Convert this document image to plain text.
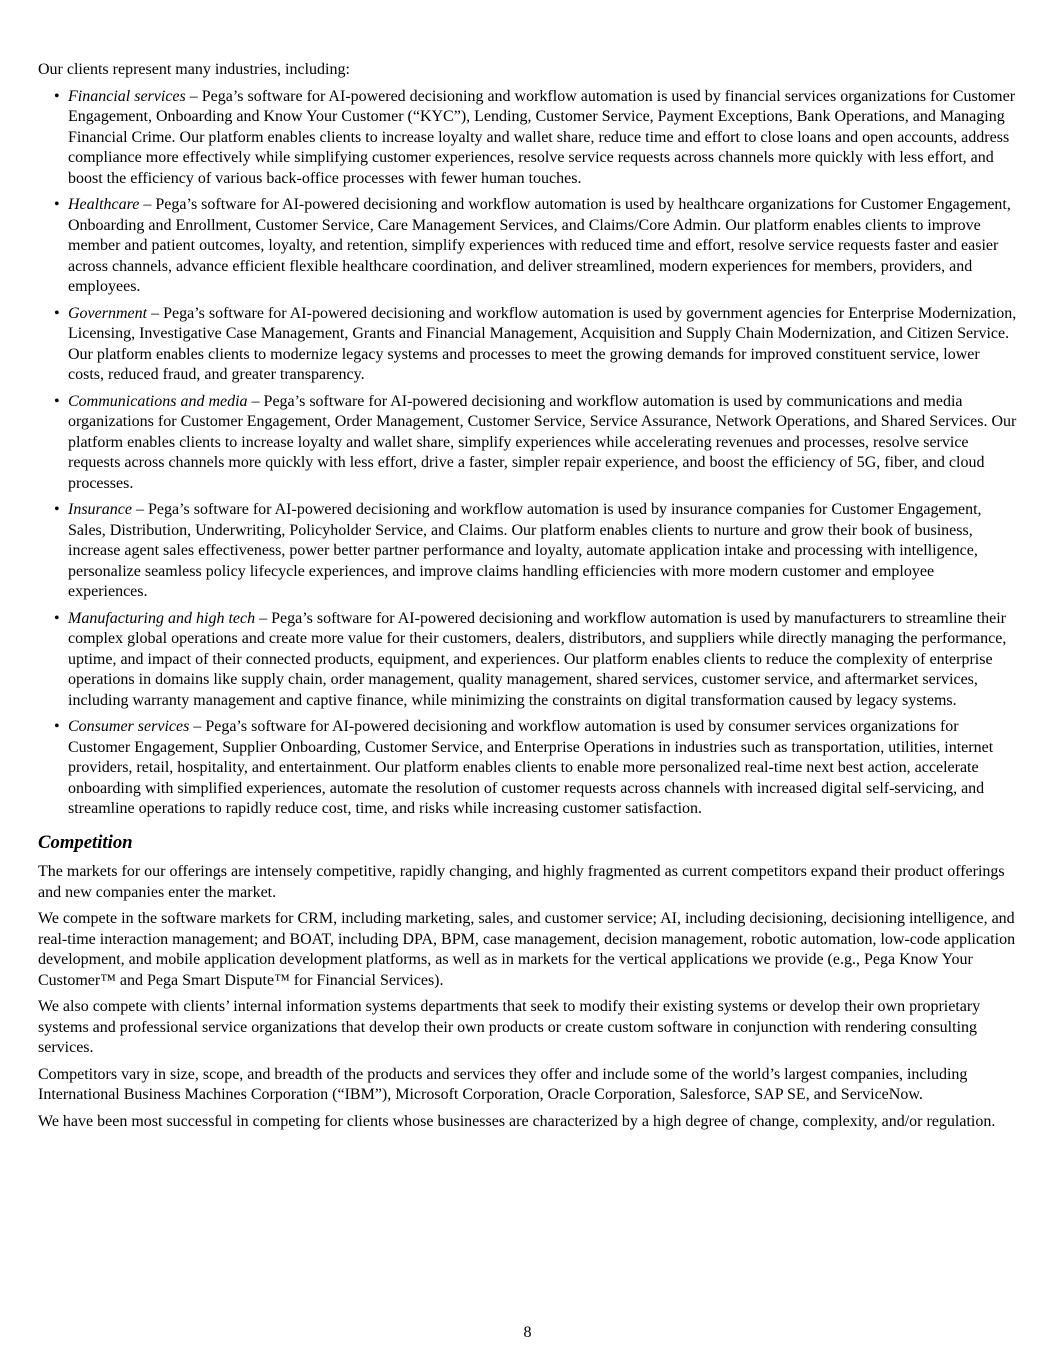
Our clients represent many industries, including:

• Financial services – Pega’s software for AI-powered decisioning and workflow automation is used by financial services organizations for Customer Engagement, Onboarding and Know Your Customer (“KYC”), Lending, Customer Service, Payment Exceptions, Bank Operations, and Managing Financial Crime. Our platform enables clients to increase loyalty and wallet share, reduce time and effort to close loans and open accounts, address compliance more effectively while simplifying customer experiences, resolve service requests across channels more quickly with less effort, and boost the efficiency of various back-office processes with fewer human touches.
• Healthcare – Pega’s software for AI-powered decisioning and workflow automation is used by healthcare organizations for Customer Engagement, Onboarding and Enrollment, Customer Service, Care Management Services, and Claims/Core Admin. Our platform enables clients to improve member and patient outcomes, loyalty, and retention, simplify experiences with reduced time and effort, resolve service requests faster and easier across channels, advance efficient flexible healthcare coordination, and deliver streamlined, modern experiences for members, providers, and employees.
• Government – Pega’s software for AI-powered decisioning and workflow automation is used by government agencies for Enterprise Modernization, Licensing, Investigative Case Management, Grants and Financial Management, Acquisition and Supply Chain Modernization, and Citizen Service. Our platform enables clients to modernize legacy systems and processes to meet the growing demands for improved constituent service, lower costs, reduced fraud, and greater transparency.
• Communications and media – Pega’s software for AI-powered decisioning and workflow automation is used by communications and media organizations for Customer Engagement, Order Management, Customer Service, Service Assurance, Network Operations, and Shared Services. Our platform enables clients to increase loyalty and wallet share, simplify experiences while accelerating revenues and processes, resolve service requests across channels more quickly with less effort, drive a faster, simpler repair experience, and boost the efficiency of 5G, fiber, and cloud processes.
• Insurance – Pega’s software for AI-powered decisioning and workflow automation is used by insurance companies for Customer Engagement, Sales, Distribution, Underwriting, Policyholder Service, and Claims. Our platform enables clients to nurture and grow their book of business, increase agent sales effectiveness, power better partner performance and loyalty, automate application intake and processing with intelligence, personalize seamless policy lifecycle experiences, and improve claims handling efficiencies with more modern customer and employee experiences.
• Manufacturing and high tech – Pega’s software for AI-powered decisioning and workflow automation is used by manufacturers to streamline their complex global operations and create more value for their customers, dealers, distributors, and suppliers while directly managing the performance, uptime, and impact of their connected products, equipment, and experiences. Our platform enables clients to reduce the complexity of enterprise operations in domains like supply chain, order management, quality management, shared services, customer service, and aftermarket services, including warranty management and captive finance, while minimizing the constraints on digital transformation caused by legacy systems.
• Consumer services – Pega’s software for AI-powered decisioning and workflow automation is used by consumer services organizations for Customer Engagement, Supplier Onboarding, Customer Service, and Enterprise Operations in industries such as transportation, utilities, internet providers, retail, hospitality, and entertainment. Our platform enables clients to enable more personalized real-time next best action, accelerate onboarding with simplified experiences, automate the resolution of customer requests across channels with increased digital self-servicing, and streamline operations to rapidly reduce cost, time, and risks while increasing customer satisfaction.
Competition

The markets for our offerings are intensely competitive, rapidly changing, and highly fragmented as current competitors expand their product offerings and new companies enter the market.

We compete in the software markets for CRM, including marketing, sales, and customer service; AI, including decisioning, decisioning intelligence, and real-time interaction management; and BOAT, including DPA, BPM, case management, decision management, robotic automation, low-code application development, and mobile application development platforms, as well as in markets for the vertical applications we provide (e.g., Pega Know Your Customer™ and Pega Smart Dispute™ for Financial Services).

We also compete with clients’ internal information systems departments that seek to modify their existing systems or develop their own proprietary systems and professional service organizations that develop their own products or create custom software in conjunction with rendering consulting services.

Competitors vary in size, scope, and breadth of the products and services they offer and include some of the world’s largest companies, including International Business Machines Corporation (“IBM”), Microsoft Corporation, Oracle Corporation, Salesforce, SAP SE, and ServiceNow.

We have been most successful in competing for clients whose businesses are characterized by a high degree of change, complexity, and/or regulation.

8
